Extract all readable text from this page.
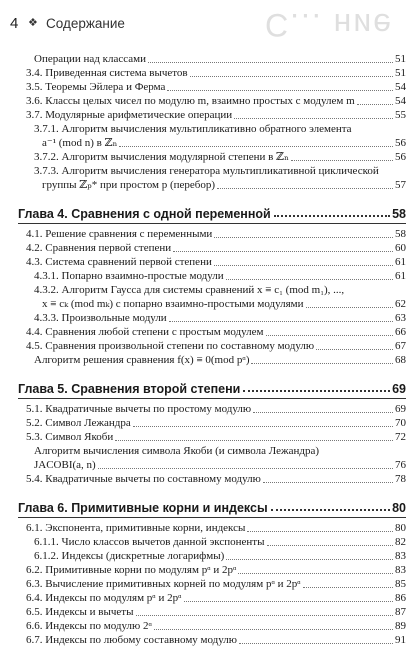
4 ❖ Содержание	C... ние
Операции над классами	51
3.4. Приведенная система вычетов	51
3.5. Теоремы Эйлера и Ферма	54
3.6. Классы целых чисел по модулю m, взаимно простых с модулем m	54
3.7. Модулярные арифметические операции	55
3.7.1. Алгоритм вычисления мультипликативно обратного элемента
a⁻¹ (mod n) в ℤₙ	56
3.7.2. Алгоритм вычисления модулярной степени в ℤₙ	56
3.7.3. Алгоритм вычисления генератора мультипликативной циклической
группы ℤₚ* при простом p (перебор)	57
Глава 4. Сравнения с одной переменной	58
4.1. Решение сравнения с переменными	58
4.2. Сравнения первой степени	60
4.3. Система сравнений первой степени	61
4.3.1. Попарно взаимно-простые модули	61
4.3.2. Алгоритм Гаусса для системы сравнений x ≡ c₁ (mod m₁), ...,
x ≡ cₖ (mod mₖ) с попарно взаимно-простыми модулями	62
4.3.3. Произвольные модули	63
4.4. Сравнения любой степени с простым модулем	66
4.5. Сравнения произвольной степени по составному модулю	67
Алгоритм решения сравнения f(x) ≡ 0(mod pᵅ)	68
Глава 5. Сравнения второй степени	69
5.1. Квадратичные вычеты по простому модулю	69
5.2. Символ Лежандра	70
5.3. Символ Якоби	72
Алгоритм вычисления символа Якоби (и символа Лежандра)
JACOBI(a, n)	76
5.4. Квадратичные вычеты по составному модулю	78
Глава 6. Примитивные корни и индексы	80
6.1. Экспонента, примитивные корни, индексы	80
6.1.1. Число классов вычетов данной экспоненты	82
6.1.2. Индексы (дискретные логарифмы)	83
6.2. Примитивные корни по модулям pᵅ и 2pᵅ	83
6.3. Вычисление примитивных корней по модулям pᵅ и 2pᵅ	85
6.4. Индексы по модулям pᵅ и 2pᵅ	86
6.5. Индексы и вычеты	87
6.6. Индексы по модулю 2ᵅ	89
6.7. Индексы по любому составному модулю	91
